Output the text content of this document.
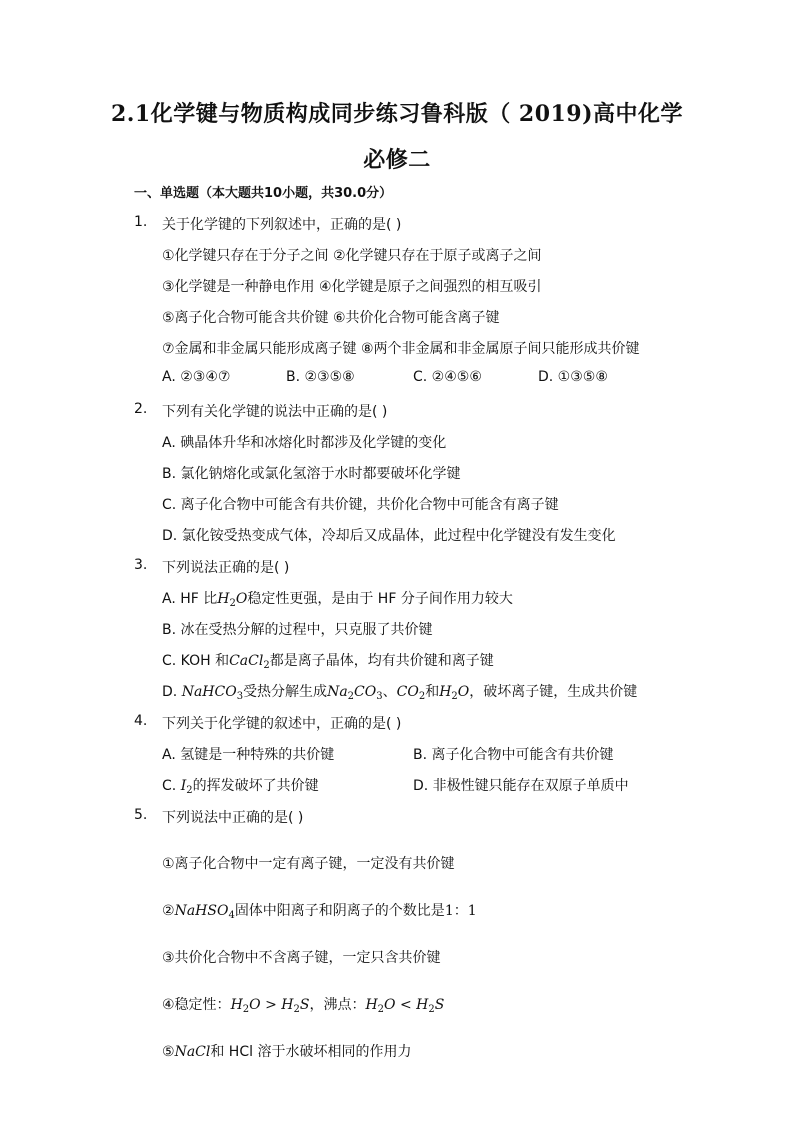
2.1化学键与物质构成同步练习鲁科版（ 2019)高中化学
必修二
一、单选题（本大题共10小题，共30.0分）
1. 关于化学键的下列叙述中，正确的是( )
①化学键只存在于分子之间 ②化学键只存在于原子或离子之间
③化学键是一种静电作用 ④化学键是原子之间强烈的相互吸引
⑤离子化合物可能含共价键 ⑥共价化合物可能含离子键
⑦金属和非金属只能形成离子键 ⑧两个非金属和非金属原子间只能形成共价键
A. ②③④⑦	B. ②③⑤⑧	C. ②④⑤⑥	D. ①③⑤⑧
2. 下列有关化学键的说法中正确的是( )
A. 碘晶体升华和冰熔化时都涉及化学键的变化
B. 氯化钠熔化或氯化氢溶于水时都要破坏化学键
C. 离子化合物中可能含有共价键，共价化合物中可能含有离子键
D. 氯化铵受热变成气体，冷却后又成晶体，此过程中化学键没有发生变化
3. 下列说法正确的是( )
A. HF 比$H_2O$稳定性更强，是由于 HF 分子间作用力较大
B. 冰在受热分解的过程中，只克服了共价键
C. KOH 和CaCl$_2$都是离子晶体，均有共价键和离子键
D. NaHCO$_3$受热分解生成$Na_2CO_3$、$CO_2$和$H_2O$，破坏离子键，生成共价键
4. 下列关于化学键的叙述中，正确的是( )
A. 氢键是一种特殊的共价键	B. 离子化合物中可能含有共价键
C. $I_2$的挥发破坏了共价键	D. 非极性键只能存在双原子单质中
5. 下列说法中正确的是( )
①离子化合物中一定有离子键，一定没有共价键
②NaHSO$_4$固体中阳离子和阴离子的个数比是1：1
③共价化合物中不含离子键，一定只含共价键
④稳定性：$H_2O > H_2S$，沸点：$H_2O < H_2S$
⑤NaCl和 HCl 溶于水破坏相同的作用力
